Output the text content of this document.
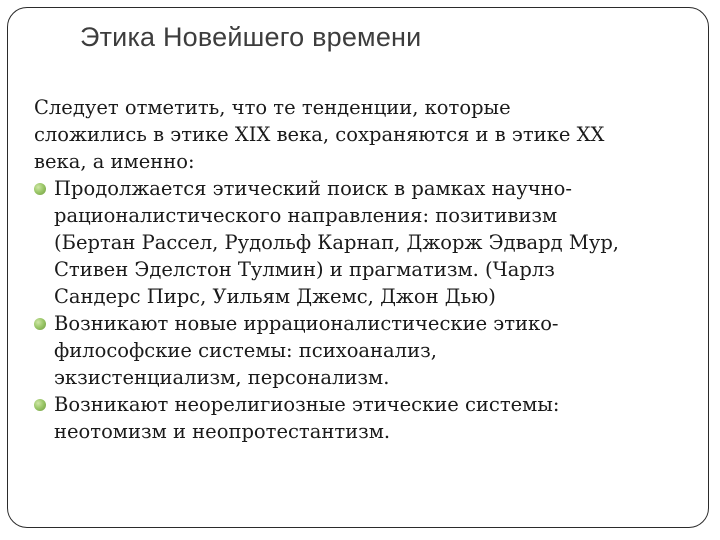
Этика Новейшего времени

Следует отметить, что те тенденции, которые
сложились в этике XIX века, сохраняются и в этике XX
века, а именно:

Продолжается этический поиск в рамках научно-
рационалистического направления: позитивизм
(Бертан Рассел, Рудольф Карнап, Джорж Эдвард Мур,
Стивен Эделстон Тулмин) и прагматизм. (Чарлз
Сандерс Пирс, Уильям Джемс, Джон Дью)
Возникают новые иррационалистические этико-
философские системы: психоанализ,
экзистенциализм, персонализм.
Возникают неорелигиозные этические системы:
неотомизм и неопротестантизм.
